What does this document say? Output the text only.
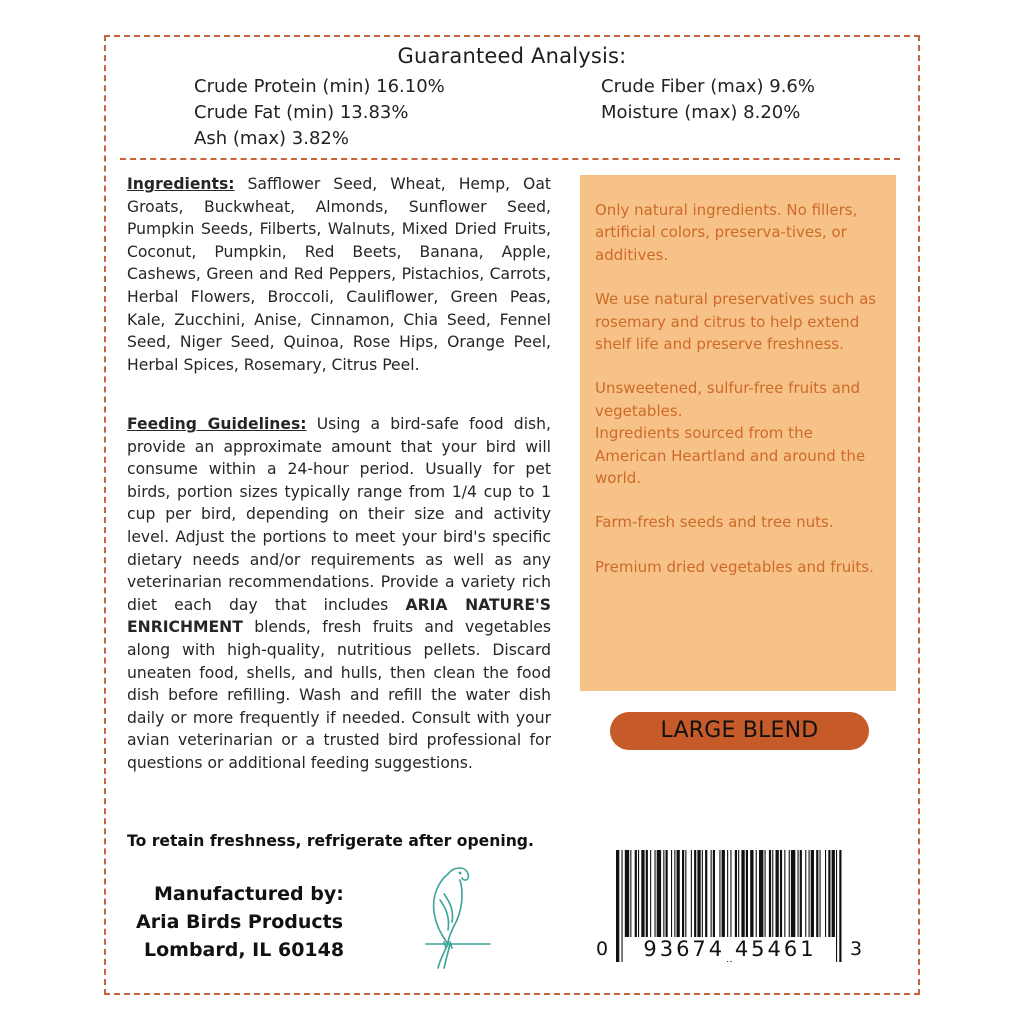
Guaranteed Analysis:
Crude Protein (min) 16.10%
Crude Fat (min) 13.83%
Ash (max) 3.82%
Crude Fiber (max) 9.6%
Moisture (max) 8.20%
Ingredients: Safflower Seed, Wheat, Hemp, Oat Groats, Buckwheat, Almonds, Sunflower Seed, Pumpkin Seeds, Filberts, Walnuts, Mixed Dried Fruits, Coconut, Pumpkin, Red Beets, Banana, Apple, Cashews, Green and Red Peppers, Pistachios, Carrots, Herbal Flowers, Broccoli, Cauliflower, Green Peas, Kale, Zucchini, Anise, Cinnamon, Chia Seed, Fennel Seed, Niger Seed, Quinoa, Rose Hips, Orange Peel, Herbal Spices, Rosemary, Citrus Peel.
Feeding Guidelines: Using a bird-safe food dish, provide an approximate amount that your bird will consume within a 24-hour period. Usually for pet birds, portion sizes typically range from 1/4 cup to 1 cup per bird, depending on their size and activity level. Adjust the portions to meet your bird's specific dietary needs and/or requirements as well as any veterinarian recommendations. Provide a variety rich diet each day that includes ARIA NATURE'S ENRICHMENT blends, fresh fruits and vegetables along with high-quality, nutritious pellets. Discard uneaten food, shells, and hulls, then clean the food dish before refilling. Wash and refill the water dish daily or more frequently if needed. Consult with your avian veterinarian or a trusted bird professional for questions or additional feeding suggestions.
To retain freshness, refrigerate after opening.
Manufactured by:
Aria Birds Products
Lombard, IL 60148

Only natural ingredients. No fillers, artificial colors, preserva-tives, or additives.

We use natural preservatives such as rosemary and citrus to help extend shelf life and preserve freshness.

Unsweetened, sulfur-free fruits and vegetables.

Ingredients sourced from the American Heartland and around the world.

Farm-fresh seeds and tree nuts.

Premium dried vegetables and fruits.

LARGE BLEND
0	93674 45461	3
